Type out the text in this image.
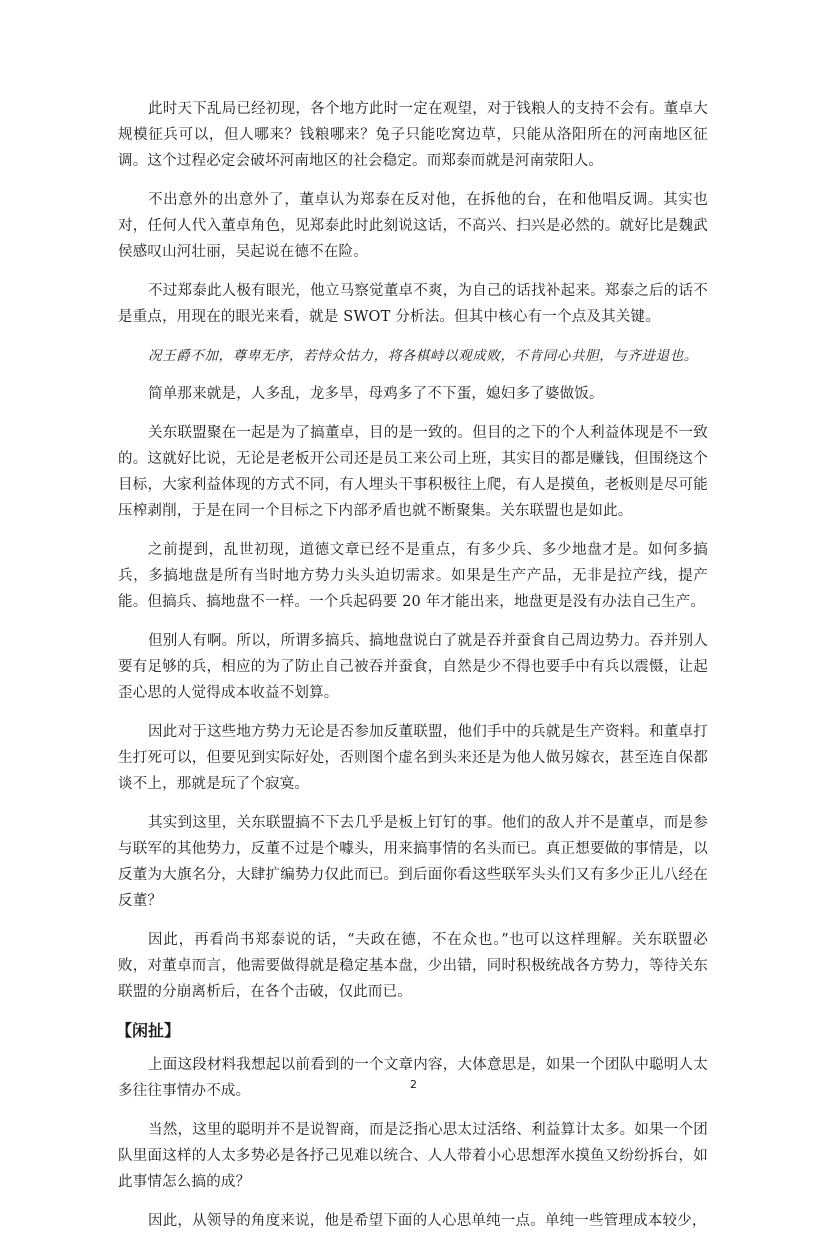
此时天下乱局已经初现，各个地方此时一定在观望，对于钱粮人的支持不会有。董卓大规模征兵可以，但人哪来？钱粮哪来？兔子只能吃窝边草，只能从洛阳所在的河南地区征调。这个过程必定会破坏河南地区的社会稳定。而郑泰而就是河南荥阳人。

不出意外的出意外了，董卓认为郑泰在反对他，在拆他的台，在和他唱反调。其实也对，任何人代入董卓角色，见郑泰此时此刻说这话，不高兴、扫兴是必然的。就好比是魏武侯感叹山河壮丽，吴起说在德不在险。

不过郑泰此人极有眼光，他立马察觉董卓不爽，为自己的话找补起来。郑泰之后的话不是重点，用现在的眼光来看，就是 SWOT 分析法。但其中核心有一个点及其关键。

况王爵不加，尊卑无序，若恃众怙力，将各棋峙以观成败，不肯同心共胆，与齐进退也。

简单那来就是，人多乱，龙多旱，母鸡多了不下蛋，媳妇多了婆做饭。

关东联盟聚在一起是为了搞董卓，目的是一致的。但目的之下的个人利益体现是不一致的。这就好比说，无论是老板开公司还是员工来公司上班，其实目的都是赚钱，但围绕这个目标，大家利益体现的方式不同，有人埋头干事积极往上爬，有人是摸鱼，老板则是尽可能压榨剥削，于是在同一个目标之下内部矛盾也就不断聚集。关东联盟也是如此。

之前提到，乱世初现，道德文章已经不是重点，有多少兵、多少地盘才是。如何多搞兵，多搞地盘是所有当时地方势力头头迫切需求。如果是生产产品，无非是拉产线，提产能。但搞兵、搞地盘不一样。一个兵起码要 20 年才能出来，地盘更是没有办法自己生产。

但别人有啊。所以，所谓多搞兵、搞地盘说白了就是吞并蚕食自己周边势力。吞并别人要有足够的兵，相应的为了防止自己被吞并蚕食，自然是少不得也要手中有兵以震慑，让起歪心思的人觉得成本收益不划算。

因此对于这些地方势力无论是否参加反董联盟，他们手中的兵就是生产资料。和董卓打生打死可以，但要见到实际好处，否则图个虚名到头来还是为他人做另嫁衣，甚至连自保都谈不上，那就是玩了个寂寞。

其实到这里，关东联盟搞不下去几乎是板上钉钉的事。他们的敌人并不是董卓，而是参与联军的其他势力，反董不过是个噱头，用来搞事情的名头而已。真正想要做的事情是，以反董为大旗名分，大肆扩编势力仅此而已。到后面你看这些联军头头们又有多少正儿八经在反董？

因此，再看尚书郑泰说的话，“夫政在德，不在众也。”也可以这样理解。关东联盟必败，对董卓而言，他需要做得就是稳定基本盘，少出错，同时积极统战各方势力，等待关东联盟的分崩离析后，在各个击破，仅此而已。

【闲扯】

上面这段材料我想起以前看到的一个文章内容，大体意思是，如果一个团队中聪明人太多往往事情办不成。

当然，这里的聪明并不是说智商，而是泛指心思太过活络、利益算计太多。如果一个团队里面这样的人太多势必是各抒己见难以统合、人人带着小心思想浑水摸鱼又纷纷拆台，如此事情怎么搞的成？

因此，从领导的角度来说，他是希望下面的人心思单纯一点。单纯一些管理成本较少，

2
